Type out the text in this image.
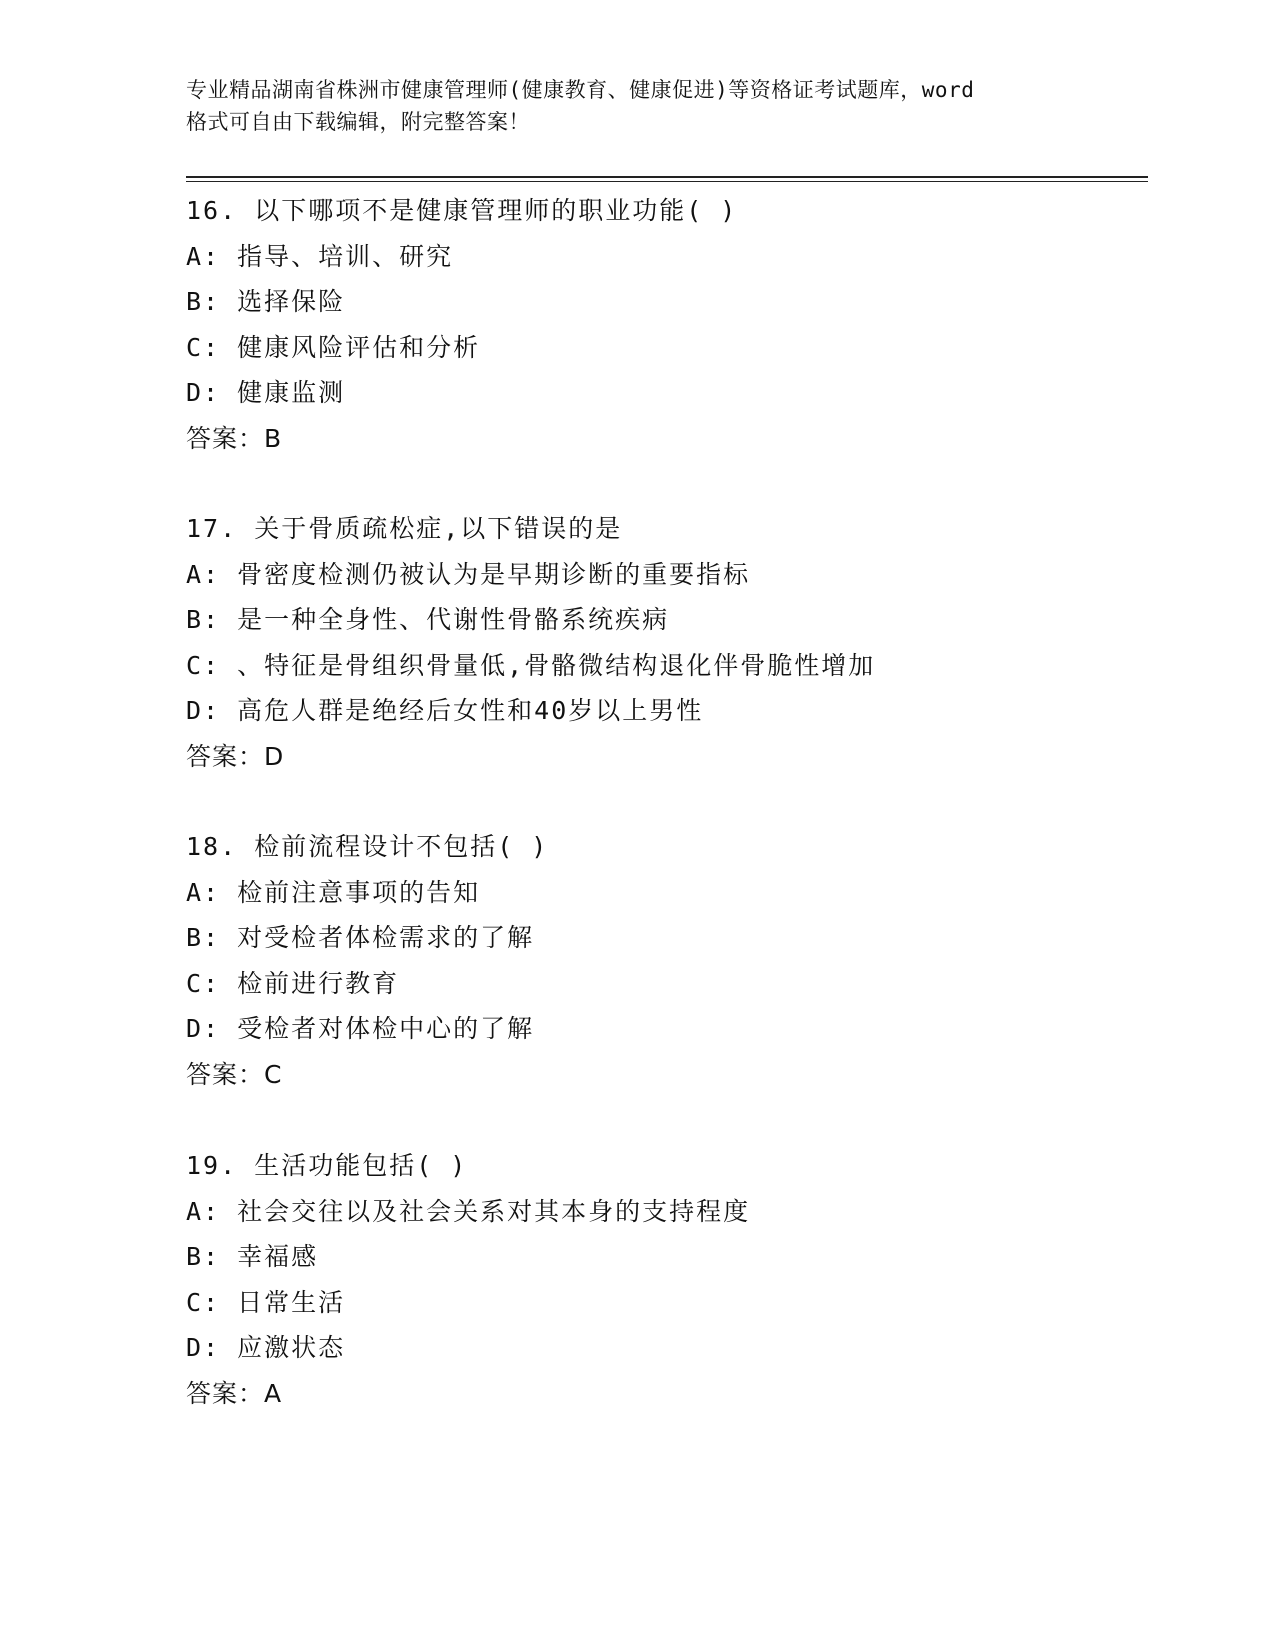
专业精品湖南省株洲市健康管理师(健康教育、健康促进)等资格证考试题库，word
格式可自由下载编辑，附完整答案！
16. 以下哪项不是健康管理师的职业功能( )
A: 指导、培训、研究
B: 选择保险
C: 健康风险评估和分析
D: 健康监测
答案：B
17. 关于骨质疏松症,以下错误的是
A: 骨密度检测仍被认为是早期诊断的重要指标
B: 是一种全身性、代谢性骨骼系统疾病
C: 、特征是骨组织骨量低,骨骼微结构退化伴骨脆性增加
D: 高危人群是绝经后女性和40岁以上男性
答案：D
18. 检前流程设计不包括( )
A: 检前注意事项的告知
B: 对受检者体检需求的了解
C: 检前进行教育
D: 受检者对体检中心的了解
答案：C
19. 生活功能包括( )
A: 社会交往以及社会关系对其本身的支持程度
B: 幸福感
C: 日常生活
D: 应激状态
答案：A
